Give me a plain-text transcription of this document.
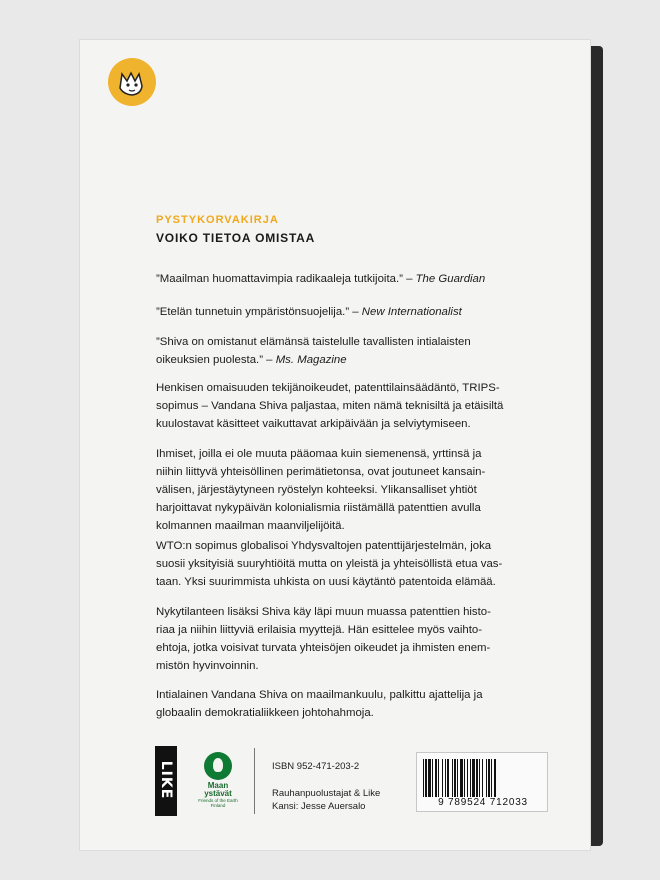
PYSTYKORVAKIRJA
VOIKO TIETOA OMISTAA
”Maailman huomattavimpia radikaaleja tutkijoita.” – The Guardian
”Etelän tunnetuin ympäristönsuojelija.” – New Internationalist
”Shiva on omistanut elämänsä taistelulle tavallisten intialaisten
oikeuksien puolesta.” – Ms. Magazine
Henkisen omaisuuden tekijänoikeudet, patenttilainsäädäntö, TRIPS-
sopimus – Vandana Shiva paljastaa, miten nämä teknisiltä ja etäisiltä
kuulostavat käsitteet vaikuttavat arkipäivään ja selviytymiseen.
Ihmiset, joilla ei ole muuta pääomaa kuin siemenensä, yrttinsä ja
niihin liittyvä yhteisöllinen perimätietonsa, ovat joutuneet kansain-
välisen, järjestäytyneen ryöstelyn kohteeksi. Ylikansalliset yhtiöt
harjoittavat nykypäivän kolonialismia riistämällä patenttien avulla
kolmannen maailman maanviljelijöitä.
WTO:n sopimus globalisoi Yhdysvaltojen patenttijärjestelmän, joka
suosii yksityisiä suuryhtiöitä mutta on yleistä ja yhteisöllistä etua vas-
taan. Yksi suurimmista uhkista on uusi käytäntö patentoida elämää.
Nykytilanteen lisäksi Shiva käy läpi muun muassa patenttien histo-
riaa ja niihin liittyviä erilaisia myyttejä. Hän esittelee myös vaihto-
ehtoja, jotka voisivat turvata yhteisöjen oikeudet ja ihmisten enem-
mistön hyvinvoinnin.
Intialainen Vandana Shiva on maailmankuulu, palkittu ajattelija ja
globaalin demokratialiikkeen johtohahmoja.
LIKE	Maan ystävät
Friends of the Earth Finland
ISBN 952-471-203-2
Rauhanpuolustajat & Like
Kansi: Jesse Auersalo	9 789524 712033
